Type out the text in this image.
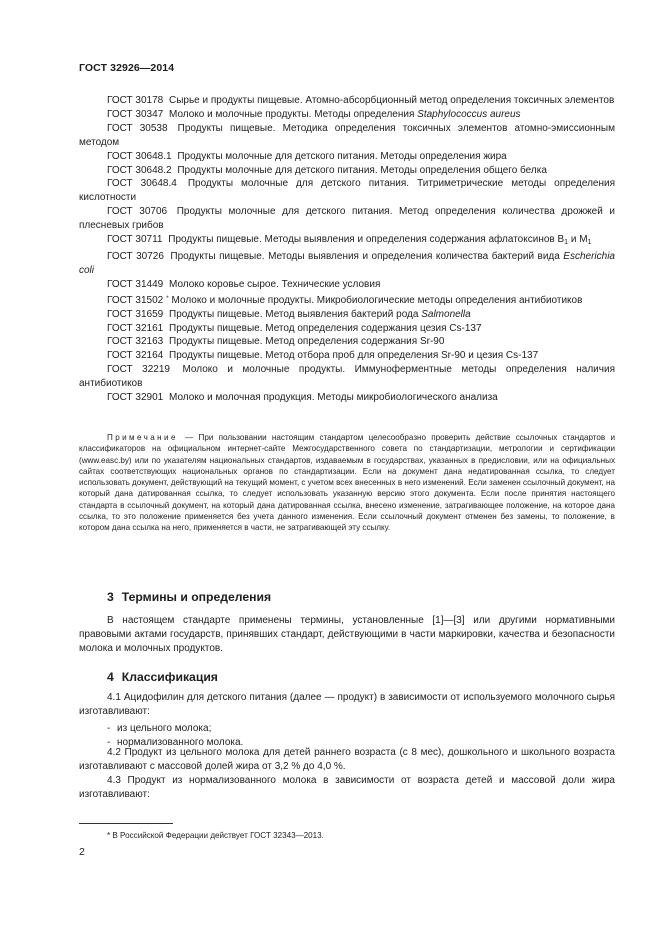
ГОСТ 32926—2014

ГОСТ 30178 Сырье и продукты пищевые. Атомно-абсорбционный метод определения токсичных элементов

ГОСТ 30347 Молоко и молочные продукты. Методы определения Staphylococcus aureus

ГОСТ 30538 Продукты пищевые. Методика определения токсичных элементов атомно-эмиссионным методом

ГОСТ 30648.1 Продукты молочные для детского питания. Методы определения жира

ГОСТ 30648.2 Продукты молочные для детского питания. Методы определения общего белка

ГОСТ 30648.4 Продукты молочные для детского питания. Титриметрические методы определения кислотности

ГОСТ 30706 Продукты молочные для детского питания. Метод определения количества дрожжей и плесневых грибов

ГОСТ 30711 Продукты пищевые. Методы выявления и определения содержания афлатоксинов $В_1$ и $М_1$

ГОСТ 30726 Продукты пищевые. Методы выявления и определения количества бактерий вида Escherichia coli

ГОСТ 31449 Молоко коровье сырое. Технические условия

ГОСТ 31502 * Молоко и молочные продукты. Микробиологические методы определения антибиотиков

ГОСТ 31659 Продукты пищевые. Метод выявления бактерий рода Salmonella

ГОСТ 32161 Продукты пищевые. Метод определения содержания цезия Cs-137

ГОСТ 32163 Продукты пищевые. Метод определения содержания Sr-90

ГОСТ 32164 Продукты пищевые. Метод отбора проб для определения Sr-90 и цезия Cs-137

ГОСТ 32219 Молоко и молочные продукты. Иммуноферментные методы определения наличия антибиотиков

ГОСТ 32901 Молоко и молочная продукция. Методы микробиологического анализа

Примечание — При пользовании настоящим стандартом целесообразно проверить действие ссылочных стандартов и классификаторов на официальном интернет-сайте Межгосударственного совета по стандартизации, метрологии и сертификации (www.easc.by) или по указателям национальных стандартов, издаваемым в государствах, указанных в предисловии, или на официальных сайтах соответствующих национальных органов по стандартизации. Если на документ дана недатированная ссылка, то следует использовать документ, действующий на текущий момент, с учетом всех внесенных в него изменений. Если заменен ссылочный документ, на который дана датированная ссылка, то следует использовать указанную версию этого документа. Если после принятия настоящего стандарта в ссылочный документ, на который дана датированная ссылка, внесено изменение, затрагивающее положение, на которое дана ссылка, то это положение применяется без учета данного изменения. Если ссылочный документ отменен без замены, то положение, в котором дана ссылка на него, применяется в части, не затрагивающей эту ссылку.

3 Термины и определения

В настоящем стандарте применены термины, установленные [1]—[3] или другими нормативными правовыми актами государств, принявших стандарт, действующими в части маркировки, качества и безопасности молока и молочных продуктов.

4 Классификация

4.1 Ацидофилин для детского питания (далее — продукт) в зависимости от используемого молочного сырья изготавливают:

- из цельного молока;

- нормализованного молока.

4.2 Продукт из цельного молока для детей раннего возраста (с 8 мес), дошкольного и школьного возраста изготавливают с массовой долей жира от 3,2 % до 4,0 %.

4.3 Продукт из нормализованного молока в зависимости от возраста детей и массовой доли жира изготавливают:

* В Российской Федерации действует ГОСТ 32343—2013.

2
